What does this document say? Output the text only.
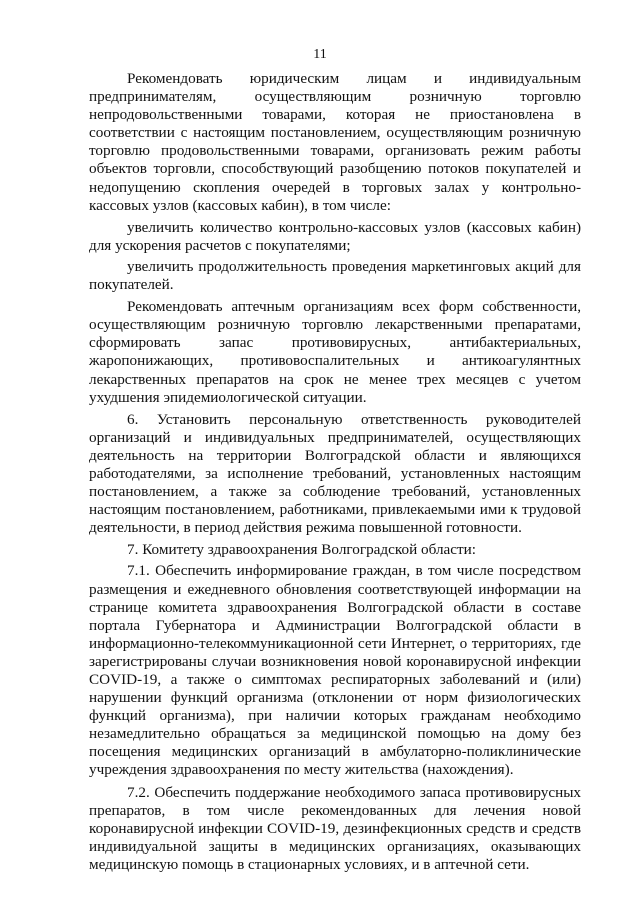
11

Рекомендовать юридическим лицам и индивидуальным предпринимателям, осуществляющим розничную торговлю непродовольственными товарами, которая не приостановлена в соответствии с настоящим постановлением, осуществляющим розничную торговлю продовольственными товарами, организовать режим работы объектов торговли, способствующий разобщению потоков покупателей и недопущению скопления очередей в торговых залах у контрольно-кассовых узлов (кассовых кабин), в том числе:

увеличить количество контрольно-кассовых узлов (кассовых кабин) для ускорения расчетов с покупателями;

увеличить продолжительность проведения маркетинговых акций для покупателей.

Рекомендовать аптечным организациям всех форм собственности, осуществляющим розничную торговлю лекарственными препаратами, сформировать запас противовирусных, антибактериальных, жаропонижающих, противовоспалительных и антикоагулянтных лекарственных препаратов на срок не менее трех месяцев с учетом ухудшения эпидемиологической ситуации.

6. Установить персональную ответственность руководителей организаций и индивидуальных предпринимателей, осуществляющих деятельность на территории Волгоградской области и являющихся работодателями, за исполнение требований, установленных настоящим постановлением, а также за соблюдение требований, установленных настоящим постановлением, работниками, привлекаемыми ими к трудовой деятельности, в период действия режима повышенной готовности.

7. Комитету здравоохранения Волгоградской области:

7.1. Обеспечить информирование граждан, в том числе посредством размещения и ежедневного обновления соответствующей информации на странице комитета здравоохранения Волгоградской области в составе портала Губернатора и Администрации Волгоградской области в информационно-телекоммуникационной сети Интернет, о территориях, где зарегистрированы случаи возникновения новой коронавирусной инфекции COVID-19, а также о симптомах респираторных заболеваний и (или) нарушении функций организма (отклонении от норм физиологических функций организма), при наличии которых гражданам необходимо незамедлительно обращаться за медицинской помощью на дому без посещения медицинских организаций в амбулаторно-поликлинические учреждения здравоохранения по месту жительства (нахождения).

7.2. Обеспечить поддержание необходимого запаса противовирусных препаратов, в том числе рекомендованных для лечения новой коронавирусной инфекции COVID-19, дезинфекционных средств и средств индивидуальной защиты в медицинских организациях, оказывающих медицинскую помощь в стационарных условиях, и в аптечной сети.
